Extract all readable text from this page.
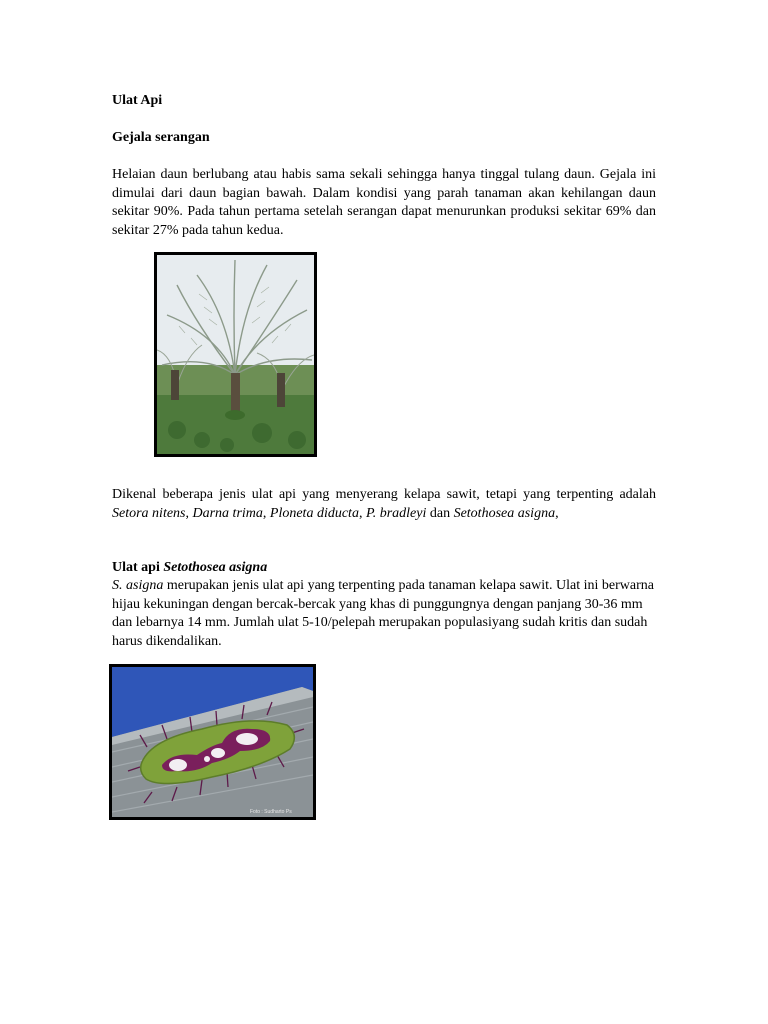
Ulat Api

Gejala serangan

Helaian daun berlubang atau habis sama sekali sehingga hanya tinggal tulang daun. Gejala ini dimulai dari daun bagian bawah. Dalam kondisi yang parah tanaman akan kehilangan daun sekitar 90%. Pada tahun pertama setelah serangan dapat menurunkan produksi sekitar 69% dan sekitar 27% pada tahun kedua.

Dikenal beberapa jenis ulat api yang menyerang kelapa sawit, tetapi yang terpenting adalah Setora nitens, Darna trima, Ploneta diducta, P. bradleyi dan Setothosea asigna,

Ulat api Setothosea asigna

S. asigna merupakan jenis ulat api yang terpenting pada tanaman kelapa sawit. Ulat ini berwarna hijau kekuningan dengan bercak-bercak yang khas di punggungnya dengan panjang 30-36 mm dan lebarnya 14 mm. Jumlah ulat 5-10/pelepah merupakan populasiyang sudah kritis dan sudah harus dikendalikan.

Foto : Sudharto Ps
